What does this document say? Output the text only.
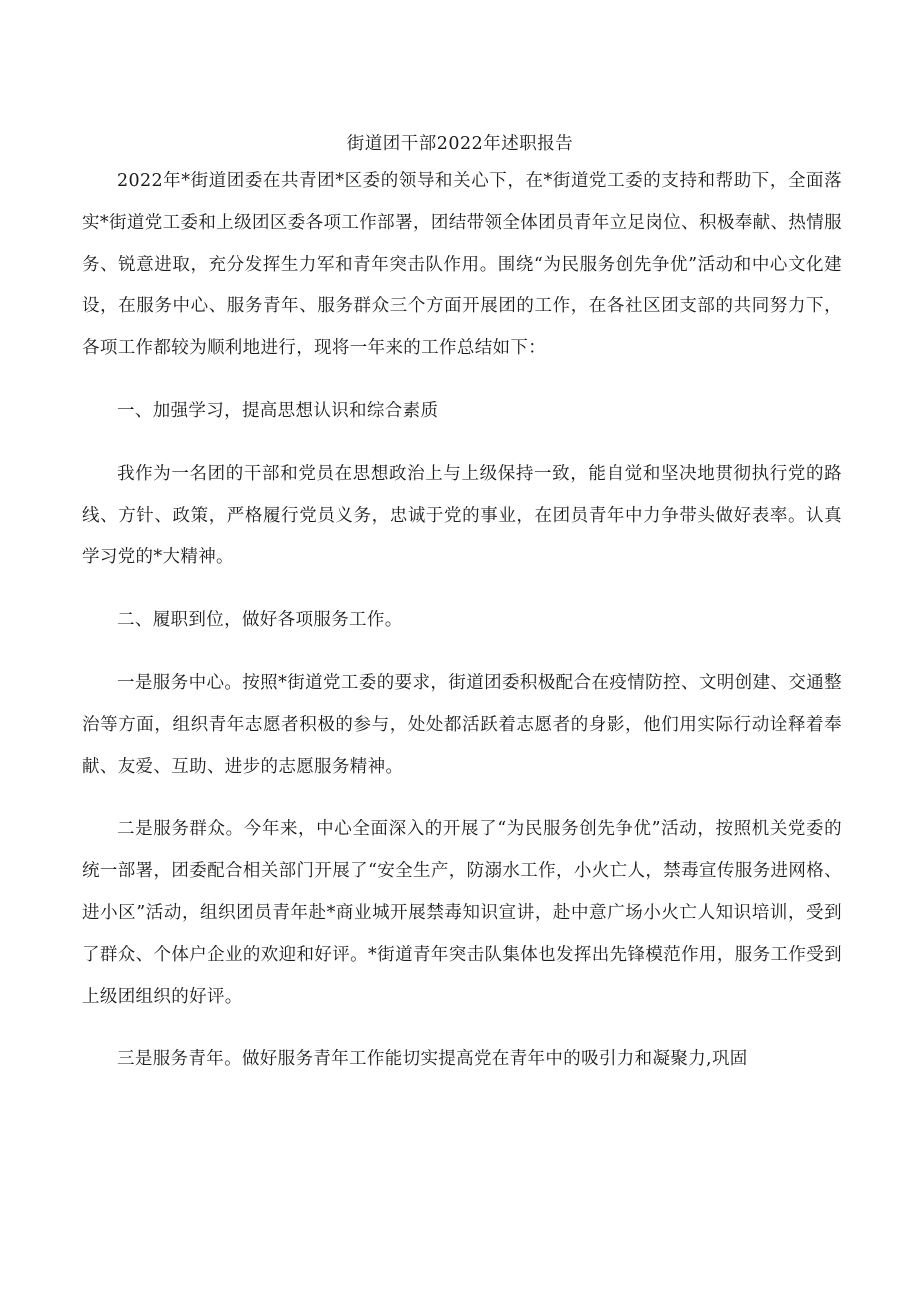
街道团干部2022年述职报告

2022年*街道团委在共青团*区委的领导和关心下，在*街道党工委的支持和帮助下，全面落实*街道党工委和上级团区委各项工作部署，团结带领全体团员青年立足岗位、积极奉献、热情服务、锐意进取，充分发挥生力军和青年突击队作用。围绕“为民服务创先争优”活动和中心文化建设，在服务中心、服务青年、服务群众三个方面开展团的工作，在各社区团支部的共同努力下，各项工作都较为顺利地进行，现将一年来的工作总结如下：

一、加强学习，提高思想认识和综合素质

我作为一名团的干部和党员在思想政治上与上级保持一致，能自觉和坚决地贯彻执行党的路线、方针、政策，严格履行党员义务，忠诚于党的事业，在团员青年中力争带头做好表率。认真学习党的*大精神。

二、履职到位，做好各项服务工作。

一是服务中心。按照*街道党工委的要求，街道团委积极配合在疫情防控、文明创建、交通整治等方面，组织青年志愿者积极的参与，处处都活跃着志愿者的身影，他们用实际行动诠释着奉献、友爱、互助、进步的志愿服务精神。

二是服务群众。今年来，中心全面深入的开展了“为民服务创先争优”活动，按照机关党委的统一部署，团委配合相关部门开展了“安全生产，防溺水工作，小火亡人，禁毒宣传服务进网格、进小区”活动，组织团员青年赴*商业城开展禁毒知识宣讲，赴中意广场小火亡人知识培训，受到了群众、个体户企业的欢迎和好评。*街道青年突击队集体也发挥出先锋模范作用，服务工作受到上级团组织的好评。

三是服务青年。做好服务青年工作能切实提高党在青年中的吸引力和凝聚力,巩固
